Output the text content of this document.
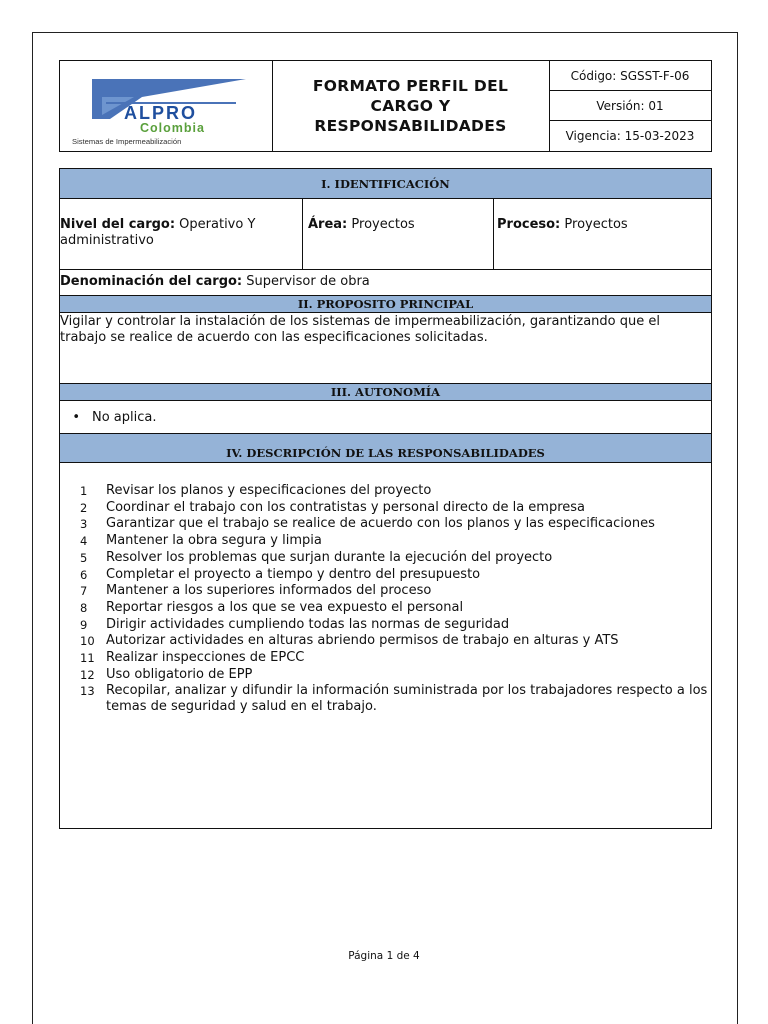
ALPRO
Colombia
Sistemas de Impermeabilización
FORMATO PERFIL DEL CARGO Y RESPONSABILIDADES
Código: SGSST-F-06
Versión: 01
Vigencia: 15-03-2023
I. IDENTIFICACIÓN
Nivel del cargo: Operativo Y administrativo
Área: Proyectos	Proceso: Proyectos
Denominación del cargo: Supervisor de obra
II. PROPOSITO PRINCIPAL
Vigilar y controlar la instalación de los sistemas de impermeabilización, garantizando que el trabajo se realice de acuerdo con las especificaciones solicitadas.
III. AUTONOMÍA
• No aplica.
IV. DESCRIPCIÓN DE LAS RESPONSABILIDADES
1	Revisar los planos y especificaciones del proyecto
2	Coordinar el trabajo con los contratistas y personal directo de la empresa
3	Garantizar que el trabajo se realice de acuerdo con los planos y las especificaciones
4	Mantener la obra segura y limpia
5	Resolver los problemas que surjan durante la ejecución del proyecto
6	Completar el proyecto a tiempo y dentro del presupuesto
7	Mantener a los superiores informados del proceso
8	Reportar riesgos a los que se vea expuesto el personal
9	Dirigir actividades cumpliendo todas las normas de seguridad
10 Autorizar actividades en alturas abriendo permisos de trabajo en alturas y ATS
11 Realizar inspecciones de EPCC
12 Uso obligatorio de EPP
13 Recopilar, analizar y difundir la información suministrada por los trabajadores respecto a los temas de seguridad y salud en el trabajo.
Página 1 de 4
